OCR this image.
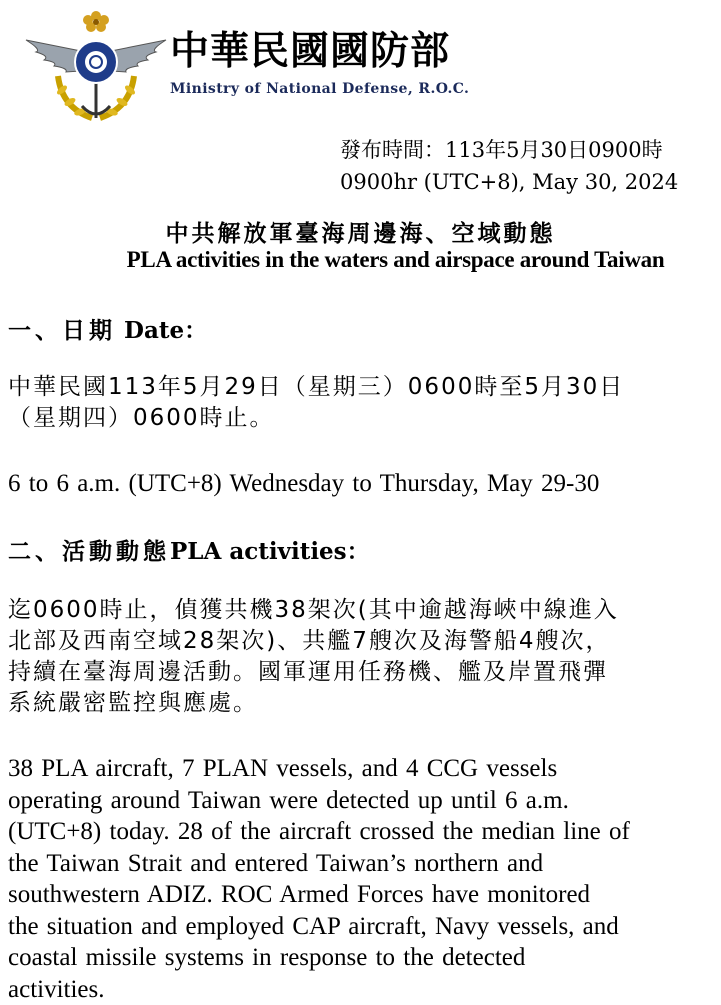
中華民國國防部
Ministry of National Defense, R.O.C.
發布時間：113年5月30日0900時
0900hr (UTC+8), May 30, 2024
中共解放軍臺海周邊海、空域動態
PLA activities in the waters and airspace around Taiwan
一、日期 Date：
中華民國113年5月29日（星期三）0600時至5月30日
（星期四）0600時止。
6 to 6 a.m. (UTC+8) Wednesday to Thursday, May 29-30
二、活動動態PLA activities：
迄0600時止，偵獲共機38架次(其中逾越海峽中線進入
北部及西南空域28架次)、共艦7艘次及海警船4艘次，
持續在臺海周邊活動。國軍運用任務機、艦及岸置飛彈
系統嚴密監控與應處。
38 PLA aircraft, 7 PLAN vessels, and 4 CCG vessels
operating around Taiwan were detected up until 6 a.m.
(UTC+8) today. 28 of the aircraft crossed the median line of
the Taiwan Strait and entered Taiwan’s northern and
southwestern ADIZ. ROC Armed Forces have monitored
the situation and employed CAP aircraft, Navy vessels, and
coastal missile systems in response to the detected
activities.
